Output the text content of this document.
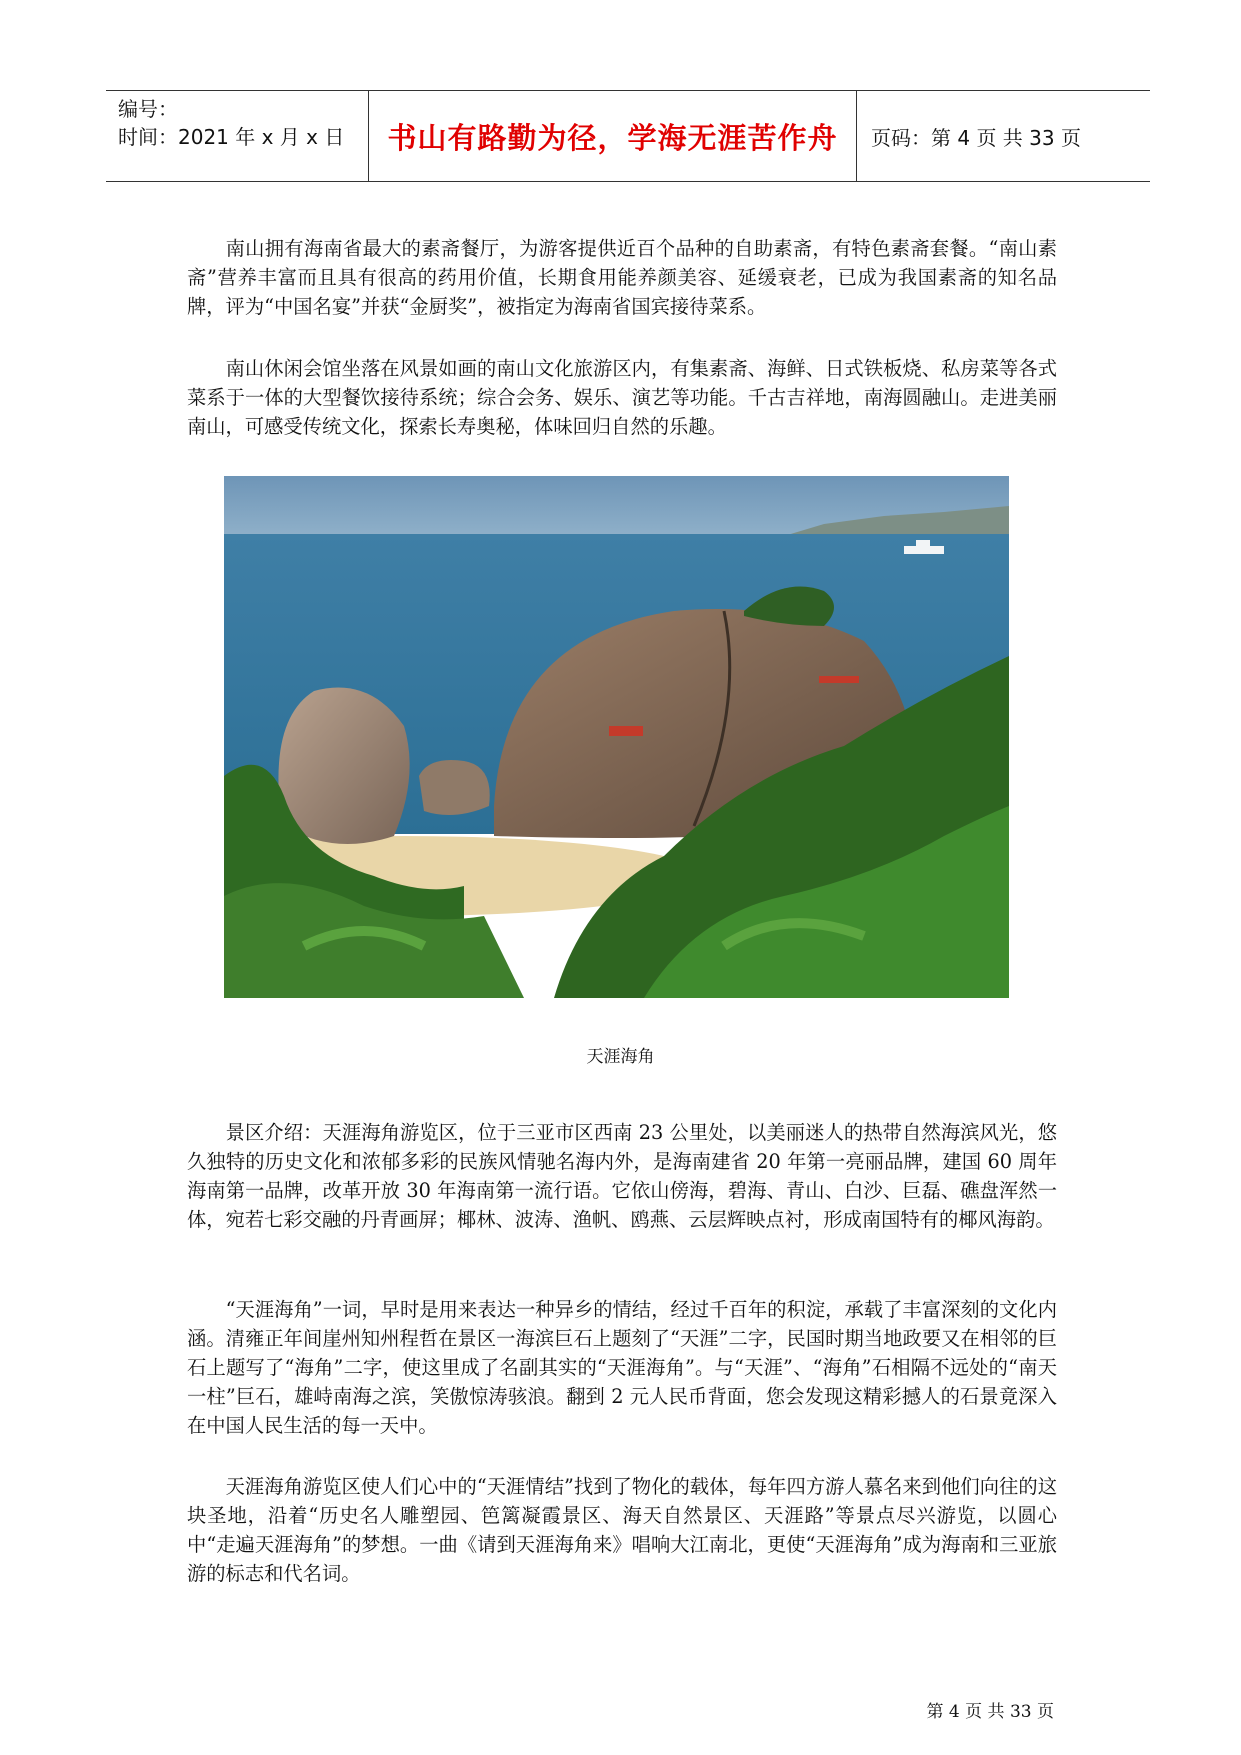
编号：
时间：2021 年 x 月 x 日 书山有路勤为径，学海无涯苦作舟 页码：第 4 页 共 33 页

南山拥有海南省最大的素斋餐厅，为游客提供近百个品种的自助素斋，有特色素斋套餐。“南山素斋”营养丰富而且具有很高的药用价值，长期食用能养颜美容、延缓衰老，已成为我国素斋的知名品牌，评为“中国名宴”并获“金厨奖”，被指定为海南省国宾接待菜系。

南山休闲会馆坐落在风景如画的南山文化旅游区内，有集素斋、海鲜、日式铁板烧、私房菜等各式菜系于一体的大型餐饮接待系统；综合会务、娱乐、演艺等功能。千古吉祥地，南海圆融山。走进美丽南山，可感受传统文化，探索长寿奥秘，体味回归自然的乐趣。

天涯海角

景区介绍：天涯海角游览区，位于三亚市区西南 23 公里处，以美丽迷人的热带自然海滨风光，悠久独特的历史文化和浓郁多彩的民族风情驰名海内外，是海南建省 20 年第一亮丽品牌，建国 60 周年海南第一品牌，改革开放 30 年海南第一流行语。它依山傍海，碧海、青山、白沙、巨磊、礁盘浑然一体，宛若七彩交融的丹青画屏；椰林、波涛、渔帆、鸥燕、云层辉映点衬，形成南国特有的椰风海韵。

“天涯海角”一词，早时是用来表达一种异乡的情结，经过千百年的积淀，承载了丰富深刻的文化内涵。清雍正年间崖州知州程哲在景区一海滨巨石上题刻了“天涯”二字，民国时期当地政要又在相邻的巨石上题写了“海角”二字，使这里成了名副其实的“天涯海角”。与“天涯”、“海角”石相隔不远处的“南天一柱”巨石，雄峙南海之滨，笑傲惊涛骇浪。翻到 2 元人民币背面，您会发现这精彩撼人的石景竟深入在中国人民生活的每一天中。

天涯海角游览区使人们心中的“天涯情结”找到了物化的载体，每年四方游人慕名来到他们向往的这块圣地，沿着“历史名人雕塑园、笆篱凝霞景区、海天自然景区、天涯路”等景点尽兴游览，以圆心中“走遍天涯海角”的梦想。一曲《请到天涯海角来》唱响大江南北，更使“天涯海角”成为海南和三亚旅游的标志和代名词。

第 4 页 共 33 页
